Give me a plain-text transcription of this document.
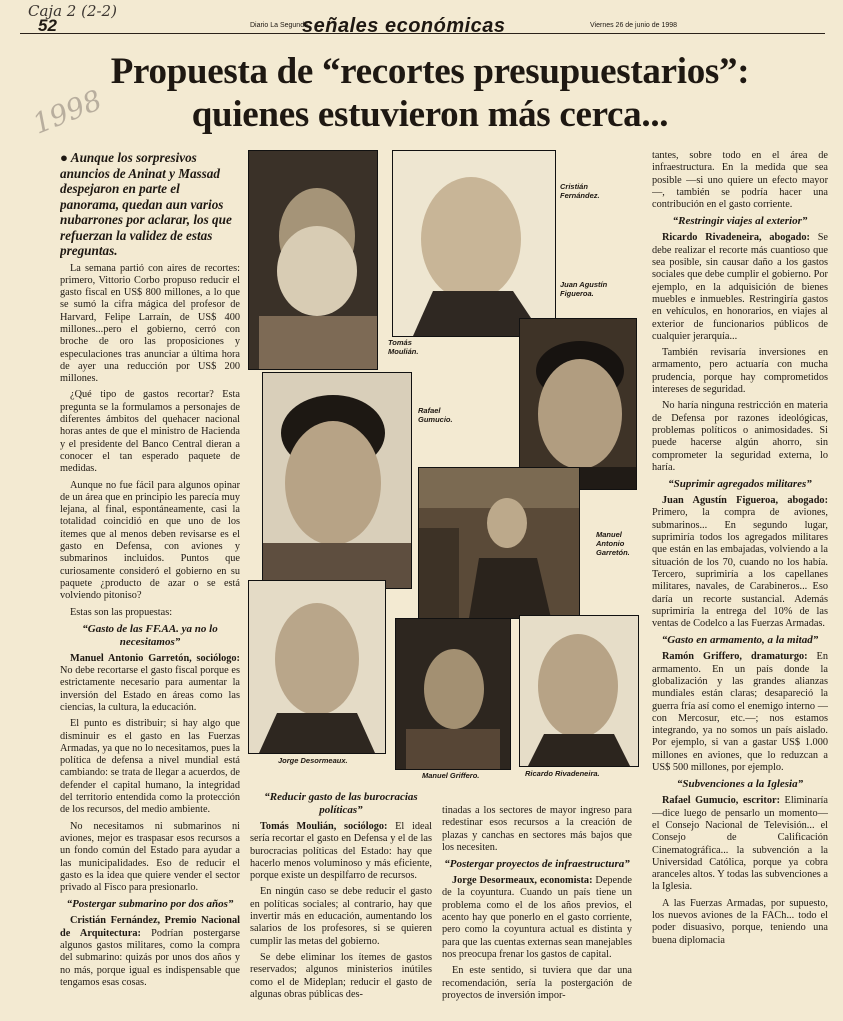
Caja 2 (2-2)
1998
52	Diario La Segunda
señales económicas	Viernes 26 de junio de 1998
Propuesta de “recortes presupuestarios”:
quienes estuvieron más cerca...

● Aunque los sorpresivos anuncios de Aninat y Massad despejaron en parte el panorama, quedan aun varios nubarrones por aclarar, los que refuerzan la validez de estas preguntas.

La semana partió con aires de recortes: primero, Vittorio Corbo propuso reducir el gasto fiscal en US$ 800 millones, a lo que se sumó la cifra mágica del profesor de Harvard, Felipe Larraín, de US$ 400 millones...pero el gobierno, cerró con broche de oro las proposiciones y especulaciones tras anunciar a última hora de ayer una reducción por US$ 200 millones.

¿Qué tipo de gastos recortar? Esta pregunta se la formulamos a personajes de diferentes ámbitos del quehacer nacional horas antes de que el ministro de Hacienda y el presidente del Banco Central dieran a conocer el tan esperado paquete de medidas.

Aunque no fue fácil para algunos opinar de un área que en principio les parecía muy lejana, al final, espontáneamente, casi la totalidad coincidió en que uno de los ítemes que al menos deben revisarse es el gasto en Defensa, con aviones y submarinos incluidos. Puntos que curiosamente consideró el gobierno en su paquete ¿producto de azar o se está volviendo pitoniso?

Estas son las propuestas:

“Gasto de las FF.AA. ya no lo necesitamos”

Manuel Antonio Garretón, sociólogo: No debe recortarse el gasto fiscal porque es estrictamente necesario para aumentar la inversión del Estado en áreas como las ciencias, la cultura, la educación.

El punto es distribuir; si hay algo que disminuir es el gasto en las Fuerzas Armadas, ya que no lo necesitamos, pues la política de defensa a nivel mundial está cambiando: se trata de llegar a acuerdos, de defender el capital humano, la integridad del territorio entendida como la protección de los recursos, del medio ambiente.

No necesitamos ni submarinos ni aviones, mejor es traspasar esos recursos a un fondo común del Estado para ayudar a las municipalidades. Eso de reducir el gasto es la idea que quiere vender el sector privado al Fisco para presionarlo.

“Postergar submarino por dos años”

Cristián Fernández, Premio Nacional de Arquitectura: Podrían postergarse algunos gastos militares, como la compra del submarino: quizás por unos dos años y no más, porque igual es indispensable que tengamos esas cosas.

Cristián Fernández.
Juan Agustín Figueroa.
Tomás Moulián.
Rafael Gumucio.
Manuel Antonio Garretón.
Jorge Desormeaux.
Manuel Griffero.	Ricardo Rivadeneira.

“Reducir gasto de las burocracias políticas”

Tomás Moulián, sociólogo: El ideal sería recortar el gasto en Defensa y el de las burocracias políticas del Estado: hay que hacerlo menos voluminoso y más eficiente, porque existe un despilfarro de recursos.

En ningún caso se debe reducir el gasto en políticas sociales; al contrario, hay que invertir más en educación, aumentando los salarios de los profesores, si se quieren cumplir las metas del gobierno.

Se debe eliminar los ítemes de gastos reservados; algunos ministerios inútiles como el de Mideplan; reducir el gasto de algunas obras públicas des-

tinadas a los sectores de mayor ingreso para redestinar esos recursos a la creación de plazas y canchas en sectores más bajos que los necesiten.

“Postergar proyectos de infraestructura”

Jorge Desormeaux, economista: Depende de la coyuntura. Cuando un país tiene un problema como el de los años previos, el acento hay que ponerlo en el gasto corriente, pero como la coyuntura actual es distinta y para que las cuentas externas sean manejables nos preocupa frenar los gastos de capital.

En este sentido, si tuviera que dar una recomendación, sería la postergación de proyectos de inversión impor-

tantes, sobre todo en el área de infraestructura. En la medida que sea posible —si uno quiere un efecto mayor—, también se podría hacer una contribución en el gasto corriente.

“Restringir viajes al exterior”

Ricardo Rivadeneira, abogado: Se debe realizar el recorte más cuantioso que sea posible, sin causar daño a los gastos sociales que debe cumplir el gobierno. Por ejemplo, en la adquisición de bienes muebles e inmuebles. Restringiría gastos en vehículos, en honorarios, en viajes al exterior de funcionarios públicos de cualquier jerarquía...

También revisaría inversiones en armamento, pero actuaría con mucha prudencia, porque hay comprometidos intereses de seguridad.

No haría ninguna restricción en materia de Defensa por razones ideológicas, problemas políticos o animosidades. Si puede hacerse algún ahorro, sin comprometer la seguridad externa, lo haría.

“Suprimir agregados militares”

Juan Agustín Figueroa, abogado: Primero, la compra de aviones, submarinos... En segundo lugar, suprimiría todos los agregados militares que están en las embajadas, volviendo a la situación de los 70, cuando no los había. Tercero, suprimiría a los capellanes militares, navales, de Carabineros... Eso daría un recorte sustancial. Además suprimiría la entrega del 10% de las ventas de Codelco a las Fuerzas Armadas.

“Gasto en armamento, a la mitad”

Ramón Griffero, dramaturgo: En armamento. En un país donde la globalización y las grandes alianzas mundiales están claras; desapareció la guerra fría así como el enemigo interno —con Mercosur, etc.—; nos estamos integrando, ya no somos un país aislado. Por ejemplo, si van a gastar US$ 1.000 millones en aviones, que lo reduzcan a US$ 500 millones, por ejemplo.

“Subvenciones a la Iglesia”

Rafael Gumucio, escritor: Eliminaría —dice luego de pensarlo un momento— el Consejo Nacional de Televisión... el Consejo de Calificación Cinematográfica... la subvención a la Universidad Católica, porque ya cobra aranceles altos. Y todas las subvenciones a la Iglesia.

A las Fuerzas Armadas, por supuesto, los nuevos aviones de la FACh... todo el poder disuasivo, porque, teniendo una buena diplomacia
